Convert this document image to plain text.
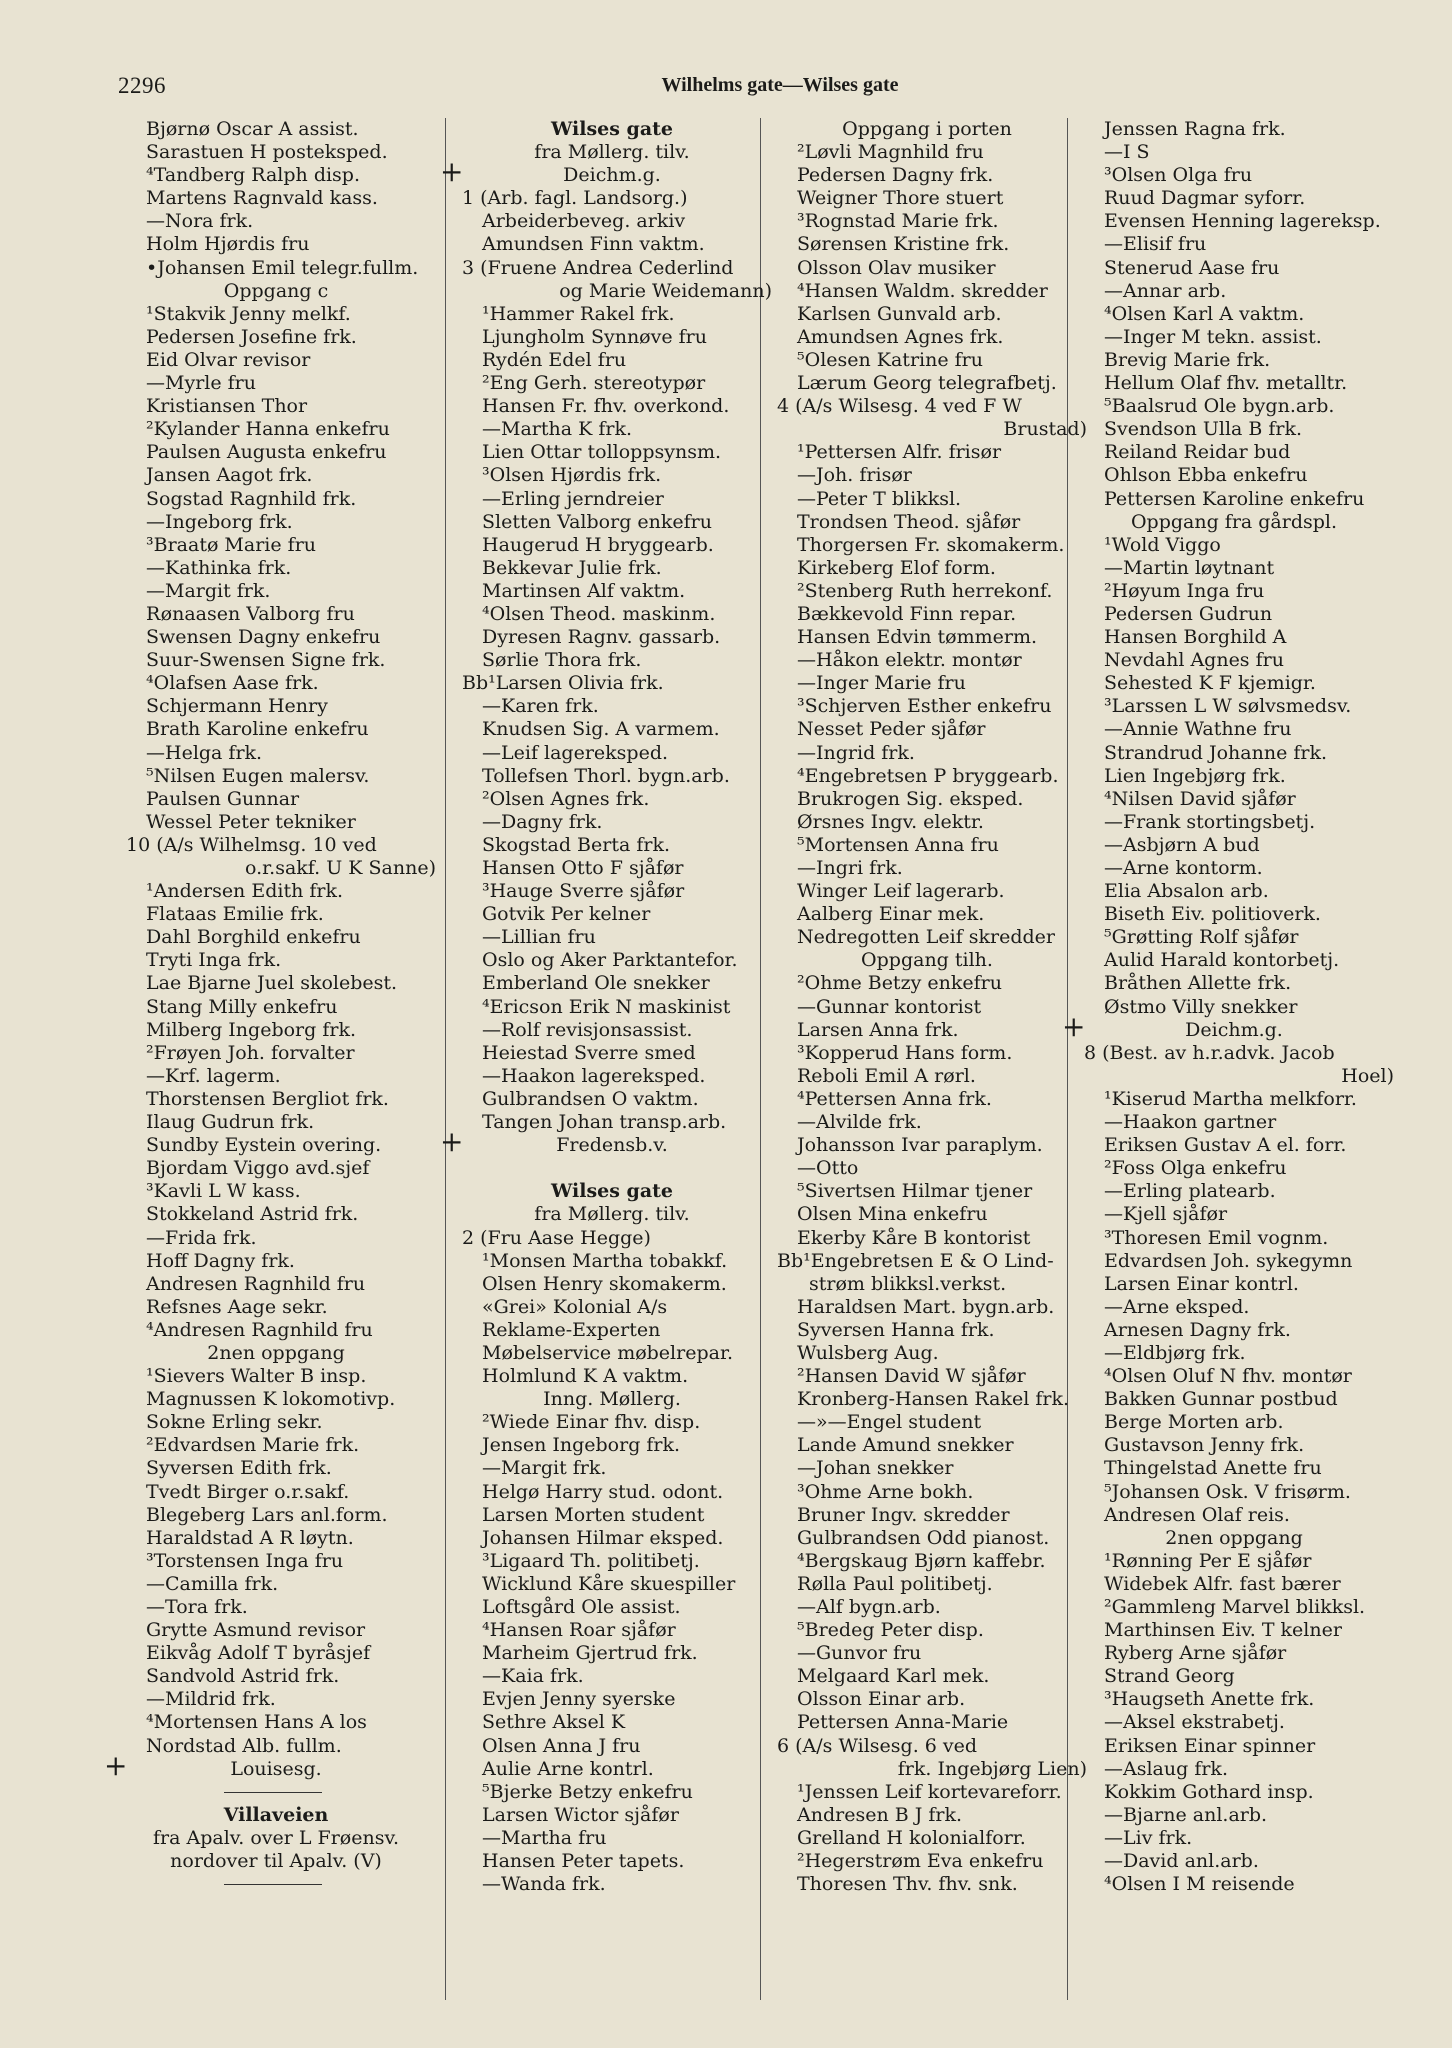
2296	Wilhelms gate—Wilses gate
Bjørnø Oscar A assist.
Sarastuen H posteksped.
⁴Tandberg Ralph disp.
Martens Ragnvald kass.
—Nora frk.
Holm Hjørdis fru
•Johansen Emil telegr.fullm.
Oppgang c
¹Stakvik Jenny melkf.
Pedersen Josefine frk.
Eid Olvar revisor
—Myrle fru
Kristiansen Thor
²Kylander Hanna enkefru
Paulsen Augusta enkefru
Jansen Aagot frk.
Sogstad Ragnhild frk.
—Ingeborg frk.
³Braatø Marie fru
—Kathinka frk.
—Margit frk.
Rønaasen Valborg fru
Swensen Dagny enkefru
Suur-Swensen Signe frk.
⁴Olafsen Aase frk.
Schjermann Henry
Brath Karoline enkefru
—Helga frk.
⁵Nilsen Eugen malersv.
Paulsen Gunnar
Wessel Peter tekniker
10 (A/s Wilhelmsg. 10 ved
o.r.sakf. U K Sanne)
¹Andersen Edith frk.
Flataas Emilie frk.
Dahl Borghild enkefru
Tryti Inga frk.
Lae Bjarne Juel skolebest.
Stang Milly enkefru
Milberg Ingeborg frk.
²Frøyen Joh. forvalter
—Krf. lagerm.
Thorstensen Bergliot frk.
Ilaug Gudrun frk.
Sundby Eystein overing.
Bjordam Viggo avd.sjef
³Kavli L W kass.
Stokkeland Astrid frk.
—Frida frk.
Hoff Dagny frk.
Andresen Ragnhild fru
Refsnes Aage sekr.
⁴Andresen Ragnhild fru
2nen oppgang
¹Sievers Walter B insp.
Magnussen K lokomotivp.
Sokne Erling sekr.
²Edvardsen Marie frk.
Syversen Edith frk.
Tvedt Birger o.r.sakf.
Blegeberg Lars anl.form.
Haraldstad A R løytn.
³Torstensen Inga fru
—Camilla frk.
—Tora frk.
Grytte Asmund revisor
Eikvåg Adolf T byråsjef
Sandvold Astrid frk.
—Mildrid frk.
⁴Mortensen Hans A los
Nordstad Alb. fullm.
+ Louisesg.

Villaveien
fra Apalv. over L Frøensv.
nordover til Apalv. (V)

Wilses gate
fra Møllerg. tilv.
+ Deichm.g.
1 (Arb. fagl. Landsorg.)
Arbeiderbeveg. arkiv
Amundsen Finn vaktm.
3 (Fruene Andrea Cederlind
og Marie Weidemann)
¹Hammer Rakel frk.
Ljungholm Synnøve fru
Rydén Edel fru
²Eng Gerh. stereotypør
Hansen Fr. fhv. overkond.
—Martha K frk.
Lien Ottar tolloppsynsm.
³Olsen Hjørdis frk.
—Erling jerndreier
Sletten Valborg enkefru
Haugerud H bryggearb.
Bekkevar Julie frk.
Martinsen Alf vaktm.
⁴Olsen Theod. maskinm.
Dyresen Ragnv. gassarb.
Sørlie Thora frk.
Bb¹Larsen Olivia frk.
—Karen frk.
Knudsen Sig. A varmem.
—Leif lagereksped.
Tollefsen Thorl. bygn.arb.
²Olsen Agnes frk.
—Dagny frk.
Skogstad Berta frk.
Hansen Otto F sjåfør
³Hauge Sverre sjåfør
Gotvik Per kelner
—Lillian fru
Oslo og Aker Parktantefor.
Emberland Ole snekker
⁴Ericson Erik N maskinist
—Rolf revisjonsassist.
Heiestad Sverre smed
—Haakon lagereksped.
Gulbrandsen O vaktm.
Tangen Johan transp.arb.
+ Fredensb.v.

Wilses gate
fra Møllerg. tilv.
2 (Fru Aase Hegge)
¹Monsen Martha tobakkf.
Olsen Henry skomakerm.
«Grei» Kolonial A/s
Reklame-Experten
Møbelservice møbelrepar.
Holmlund K A vaktm.
Inng. Møllerg.
²Wiede Einar fhv. disp.
Jensen Ingeborg frk.
—Margit frk.
Helgø Harry stud. odont.
Larsen Morten student
Johansen Hilmar eksped.
³Ligaard Th. politibetj.
Wicklund Kåre skuespiller
Loftsgård Ole assist.
⁴Hansen Roar sjåfør
Marheim Gjertrud frk.
—Kaia frk.
Evjen Jenny syerske
Sethre Aksel K
Olsen Anna J fru
Aulie Arne kontrl.
⁵Bjerke Betzy enkefru
Larsen Wictor sjåfør
—Martha fru
Hansen Peter tapets.
—Wanda frk.
Oppgang i porten
²Løvli Magnhild fru
Pedersen Dagny frk.
Weigner Thore stuert
³Rognstad Marie frk.
Sørensen Kristine frk.
Olsson Olav musiker
⁴Hansen Waldm. skredder
Karlsen Gunvald arb.
Amundsen Agnes frk.
⁵Olesen Katrine fru
Lærum Georg telegrafbetj.
4 (A/s Wilsesg. 4 ved F W
Brustad)
¹Pettersen Alfr. frisør
—Joh. frisør
—Peter T blikksl.
Trondsen Theod. sjåfør
Thorgersen Fr. skomakerm.
Kirkeberg Elof form.
²Stenberg Ruth herrekonf.
Bækkevold Finn repar.
Hansen Edvin tømmerm.
—Håkon elektr. montør
—Inger Marie fru
³Schjerven Esther enkefru
Nesset Peder sjåfør
—Ingrid frk.
⁴Engebretsen P bryggearb.
Brukrogen Sig. eksped.
Ørsnes Ingv. elektr.
⁵Mortensen Anna fru
—Ingri frk.
Winger Leif lagerarb.
Aalberg Einar mek.
Nedregotten Leif skredder
Oppgang tilh.
²Ohme Betzy enkefru
—Gunnar kontorist
Larsen Anna frk.
³Kopperud Hans form.
Reboli Emil A rørl.
⁴Pettersen Anna frk.
—Alvilde frk.
Johansson Ivar paraplym.
—Otto
⁵Sivertsen Hilmar tjener
Olsen Mina enkefru
Ekerby Kåre B kontorist
Bb¹Engebretsen E & O Lind-
strøm blikksl.verkst.
Haraldsen Mart. bygn.arb.
Syversen Hanna frk.
Wulsberg Aug.
²Hansen David W sjåfør
Kronberg-Hansen Rakel frk.
—»—Engel student
Lande Amund snekker
—Johan snekker
³Ohme Arne bokh.
Bruner Ingv. skredder
Gulbrandsen Odd pianost.
⁴Bergskaug Bjørn kaffebr.
Rølla Paul politibetj.
—Alf bygn.arb.
⁵Bredeg Peter disp.
—Gunvor fru
Melgaard Karl mek.
Olsson Einar arb.
Pettersen Anna-Marie
6 (A/s Wilsesg. 6 ved
frk. Ingebjørg Lien)
¹Jenssen Leif kortevareforr.
Andresen B J frk.
Grelland H kolonialforr.
²Hegerstrøm Eva enkefru
Thoresen Thv. fhv. snk.
Jenssen Ragna frk.
—I S
³Olsen Olga fru
Ruud Dagmar syforr.
Evensen Henning lagereksp.
—Elisif fru
Stenerud Aase fru
—Annar arb.
⁴Olsen Karl A vaktm.
—Inger M tekn. assist.
Brevig Marie frk.
Hellum Olaf fhv. metalltr.
⁵Baalsrud Ole bygn.arb.
Svendson Ulla B frk.
Reiland Reidar bud
Ohlson Ebba enkefru
Pettersen Karoline enkefru
Oppgang fra gårdspl.
¹Wold Viggo
—Martin løytnant
²Høyum Inga fru
Pedersen Gudrun
Hansen Borghild A
Nevdahl Agnes fru
Sehested K F kjemigr.
³Larssen L W sølvsmedsv.
—Annie Wathne fru
Strandrud Johanne frk.
Lien Ingebjørg frk.
⁴Nilsen David sjåfør
—Frank stortingsbetj.
—Asbjørn A bud
—Arne kontorm.
Elia Absalon arb.
Biseth Eiv. politioverk.
⁵Grøtting Rolf sjåfør
Aulid Harald kontorbetj.
Bråthen Allette frk.
Østmo Villy snekker
+ Deichm.g.
8 (Best. av h.r.advk. Jacob
Hoel)
¹Kiserud Martha melkforr.
—Haakon gartner
Eriksen Gustav A el. forr.
²Foss Olga enkefru
—Erling platearb.
—Kjell sjåfør
³Thoresen Emil vognm.
Edvardsen Joh. sykegymn
Larsen Einar kontrl.
—Arne eksped.
Arnesen Dagny frk.
—Eldbjørg frk.
⁴Olsen Oluf N fhv. montør
Bakken Gunnar postbud
Berge Morten arb.
Gustavson Jenny frk.
Thingelstad Anette fru
⁵Johansen Osk. V frisørm.
Andresen Olaf reis.
2nen oppgang
¹Rønning Per E sjåfør
Widebek Alfr. fast bærer
²Gammleng Marvel blikksl.
Marthinsen Eiv. T kelner
Ryberg Arne sjåfør
Strand Georg
³Haugseth Anette frk.
—Aksel ekstrabetj.
Eriksen Einar spinner
—Aslaug frk.
Kokkim Gothard insp.
—Bjarne anl.arb.
—Liv frk.
—David anl.arb.
⁴Olsen I M reisende
